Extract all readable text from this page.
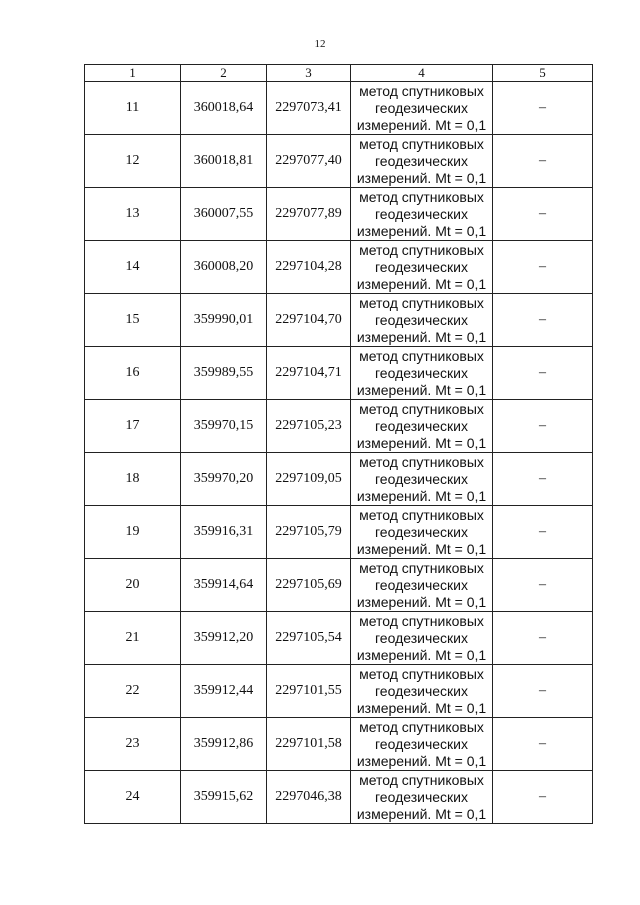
12
1	2	3	4	5
11	360018,64	2297073,41	метод спутниковых геодезических измерений. Mt = 0,1	–
12	360018,81	2297077,40	метод спутниковых геодезических измерений. Mt = 0,1	–
13	360007,55	2297077,89	метод спутниковых геодезических измерений. Mt = 0,1	–
14	360008,20	2297104,28	метод спутниковых геодезических измерений. Mt = 0,1	–
15	359990,01	2297104,70	метод спутниковых геодезических измерений. Mt = 0,1	–
16	359989,55	2297104,71	метод спутниковых геодезических измерений. Mt = 0,1	–
17	359970,15	2297105,23	метод спутниковых геодезических измерений. Mt = 0,1	–
18	359970,20	2297109,05	метод спутниковых геодезических измерений. Mt = 0,1	–
19	359916,31	2297105,79	метод спутниковых геодезических измерений. Mt = 0,1	–
20	359914,64	2297105,69	метод спутниковых геодезических измерений. Mt = 0,1	–
21	359912,20	2297105,54	метод спутниковых геодезических измерений. Mt = 0,1	–
22	359912,44	2297101,55	метод спутниковых геодезических измерений. Mt = 0,1	–
23	359912,86	2297101,58	метод спутниковых геодезических измерений. Mt = 0,1	–
24	359915,62	2297046,38	метод спутниковых геодезических измерений. Mt = 0,1	–
